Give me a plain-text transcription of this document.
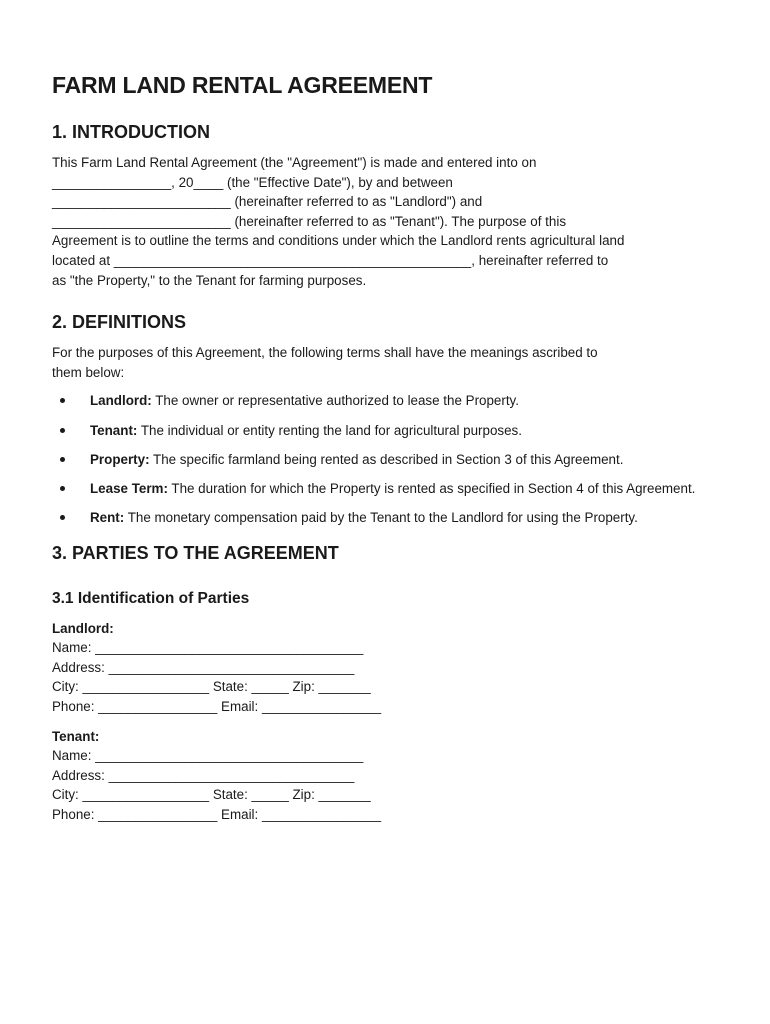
FARM LAND RENTAL AGREEMENT
1. INTRODUCTION

This Farm Land Rental Agreement (the "Agreement") is made and entered into on
________________, 20____ (the "Effective Date"), by and between
________________________ (hereinafter referred to as "Landlord") and
________________________ (hereinafter referred to as "Tenant"). The purpose of this
Agreement is to outline the terms and conditions under which the Landlord rents agricultural land
located at ________________________________________________, hereinafter referred to
as "the Property," to the Tenant for farming purposes.

2. DEFINITIONS

For the purposes of this Agreement, the following terms shall have the meanings ascribed to
them below:

Landlord: The owner or representative authorized to lease the Property.
Tenant: The individual or entity renting the land for agricultural purposes.
Property: The specific farmland being rented as described in Section 3 of this Agreement.
Lease Term: The duration for which the Property is rented as specified in Section 4 of this Agreement.
Rent: The monetary compensation paid by the Tenant to the Landlord for using the Property.
3. PARTIES TO THE AGREEMENT
3.1 Identification of Parties

Landlord:

Name: ____________________________________

Address: _________________________________

City: _________________ State: _____ Zip: _______

Phone: ________________ Email: ________________

Tenant:

Name: ____________________________________

Address: _________________________________

City: _________________ State: _____ Zip: _______

Phone: ________________ Email: ________________
